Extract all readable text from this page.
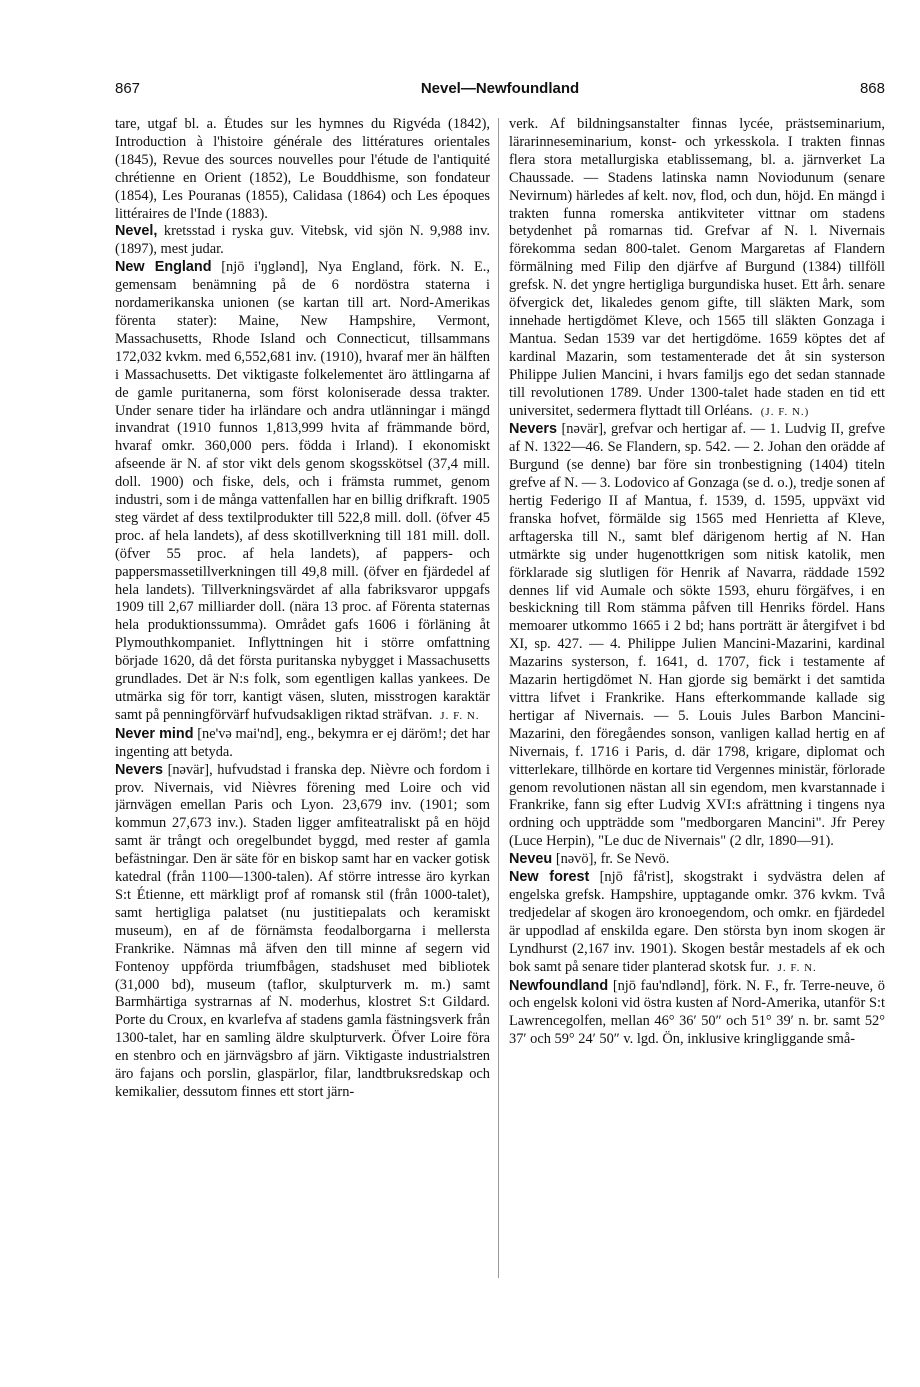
867	Nevel—Newfoundland	868

tare, utgaf bl. a. Études sur les hymnes du Rigvéda (1842), Introduction à l'histoire générale des littératures orientales (1845), Revue des sources nouvelles pour l'étude de l'antiquité chrétienne en Orient (1852), Le Bouddhisme, son fondateur (1854), Les Pouranas (1855), Calidasa (1864) och Les époques littéraires de l'Inde (1883).

Nevel, kretsstad i ryska guv. Vitebsk, vid sjön N. 9,988 inv. (1897), mest judar.

New England [njō i'ŋglənd], Nya England, förk. N. E., gemensam benämning på de 6 nordöstra staterna i nordamerikanska unionen (se kartan till art. Nord-Amerikas förenta stater): Maine, New Hampshire, Vermont, Massachusetts, Rhode Island och Connecticut, tillsammans 172,032 kvkm. med 6,552,681 inv. (1910), hvaraf mer än hälften i Massachusetts. Det viktigaste folkelementet äro ättlingarna af de gamle puritanerna, som först koloniserade dessa trakter. Under senare tider ha irländare och andra utlänningar i mängd invandrat (1910 funnos 1,813,999 hvita af främmande börd, hvaraf omkr. 360,000 pers. födda i Irland). I ekonomiskt afseende är N. af stor vikt dels genom skogsskötsel (37,4 mill. doll. 1900) och fiske, dels, och i främsta rummet, genom industri, som i de många vattenfallen har en billig drifkraft. 1905 steg värdet af dess textilprodukter till 522,8 mill. doll. (öfver 45 proc. af hela landets), af dess skotillverkning till 181 mill. doll. (öfver 55 proc. af hela landets), af pappers- och pappersmassetillverkningen till 49,8 mill. (öfver en fjärdedel af hela landets). Tillverkningsvärdet af alla fabriksvaror uppgafs 1909 till 2,67 milliarder doll. (nära 13 proc. af Förenta staternas hela produktionssumma). Området gafs 1606 i förläning åt Plymouthkompaniet. Inflyttningen hit i större omfattning började 1620, då det första puritanska nybygget i Massachusetts grundlades. Det är N:s folk, som egentligen kallas yankees. De utmärka sig för torr, kantigt väsen, sluten, misstrogen karaktär samt på penningförvärf hufvudsakligen riktad sträfvan. J. F. N.

Never mind [ne'və mai'nd], eng., bekymra er ej däröm!; det har ingenting att betyda.

Nevers [nəvär], hufvudstad i franska dep. Nièvre och fordom i prov. Nivernais, vid Nièvres förening med Loire och vid järnvägen emellan Paris och Lyon. 23,679 inv. (1901; som kommun 27,673 inv.). Staden ligger amfiteatraliskt på en höjd samt är trångt och oregelbundet byggd, med rester af gamla befästningar. Den är säte för en biskop samt har en vacker gotisk katedral (från 1100—1300-talen). Af större intresse äro kyrkan S:t Étienne, ett märkligt prof af romansk stil (från 1000-talet), samt hertigliga palatset (nu justitiepalats och keramiskt museum), en af de förnämsta feodalborgarna i mellersta Frankrike. Nämnas må äfven den till minne af segern vid Fontenoy uppförda triumfbågen, stadshuset med bibliotek (31,000 bd), museum (taflor, skulpturverk m. m.) samt Barmhärtiga systrarnas af N. moderhus, klostret S:t Gildard. Porte du Croux, en kvarlefva af stadens gamla fästningsverk från 1300-talet, har en samling äldre skulpturverk. Öfver Loire föra en stenbro och en järnvägsbro af järn. Viktigaste industrialstren äro fajans och porslin, glaspärlor, filar, landtbruksredskap och kemikalier, dessutom finnes ett stort järn-

verk. Af bildningsanstalter finnas lycée, prästseminarium, lärarinneseminarium, konst- och yrkesskola. I trakten finnas flera stora metallurgiska etablissemang, bl. a. järnverket La Chaussade. — Stadens latinska namn Noviodunum (senare Nevirnum) härledes af kelt. nov, flod, och dun, höjd. En mängd i trakten funna romerska antikviteter vittnar om stadens betydenhet på romarnas tid. Grefvar af N. l. Nivernais förekomma sedan 800-talet. Genom Margaretas af Flandern förmälning med Filip den djärfve af Burgund (1384) tillföll grefsk. N. det yngre hertigliga burgundiska huset. Ett årh. senare öfvergick det, likaledes genom gifte, till släkten Mark, som innehade hertigdömet Kleve, och 1565 till släkten Gonzaga i Mantua. Sedan 1539 var det hertigdöme. 1659 köptes det af kardinal Mazarin, som testamenterade det åt sin systerson Philippe Julien Mancini, i hvars familjs ego det sedan stannade till revolutionen 1789. Under 1300-talet hade staden en tid ett universitet, sedermera flyttadt till Orléans. (J. F. N.)

Nevers [nəvär], grefvar och hertigar af. — 1. Ludvig II, grefve af N. 1322—46. Se Flandern, sp. 542. — 2. Johan den orädde af Burgund (se denne) bar före sin tronbestigning (1404) titeln grefve af N. — 3. Lodovico af Gonzaga (se d. o.), tredje sonen af hertig Federigo II af Mantua, f. 1539, d. 1595, uppväxt vid franska hofvet, förmälde sig 1565 med Henrietta af Kleve, arftagerska till N., samt blef därigenom hertig af N. Han utmärkte sig under hugenottkrigen som nitisk katolik, men förklarade sig slutligen för Henrik af Navarra, räddade 1592 dennes lif vid Aumale och sökte 1593, ehuru förgäfves, i en beskickning till Rom stämma påfven till Henriks fördel. Hans memoarer utkommo 1665 i 2 bd; hans porträtt är återgifvet i bd XI, sp. 427. — 4. Philippe Julien Mancini-Mazarini, kardinal Mazarins systerson, f. 1641, d. 1707, fick i testamente af Mazarin hertigdömet N. Han gjorde sig bemärkt i det samtida vittra lifvet i Frankrike. Hans efterkommande kallade sig hertigar af Nivernais. — 5. Louis Jules Barbon Mancini-Mazarini, den föregåendes sonson, vanligen kallad hertig en af Nivernais, f. 1716 i Paris, d. där 1798, krigare, diplomat och vitterlekare, tillhörde en kortare tid Vergennes ministär, förlorade genom revolutionen nästan all sin egendom, men kvarstannade i Frankrike, fann sig efter Ludvig XVI:s afrättning i tingens nya ordning och uppträdde som "medborgaren Mancini". Jfr Perey (Luce Herpin), "Le duc de Nivernais" (2 dlr, 1890—91).

Neveu [nəvö], fr. Se Nevö.

New forest [njō få'rist], skogstrakt i sydvästra delen af engelska grefsk. Hampshire, upptagande omkr. 376 kvkm. Två tredjedelar af skogen äro kronoegendom, och omkr. en fjärdedel är uppodlad af enskilda egare. Den största byn inom skogen är Lyndhurst (2,167 inv. 1901). Skogen består mestadels af ek och bok samt på senare tider planterad skotsk fur. J. F. N.

Newfoundland [njō fau'ndlənd], förk. N. F., fr. Terre-neuve, ö och engelsk koloni vid östra kusten af Nord-Amerika, utanför S:t Lawrencegolfen, mellan 46° 36′ 50″ och 51° 39′ n. br. samt 52° 37′ och 59° 24′ 50″ v. lgd. Ön, inklusive kringliggande små-
